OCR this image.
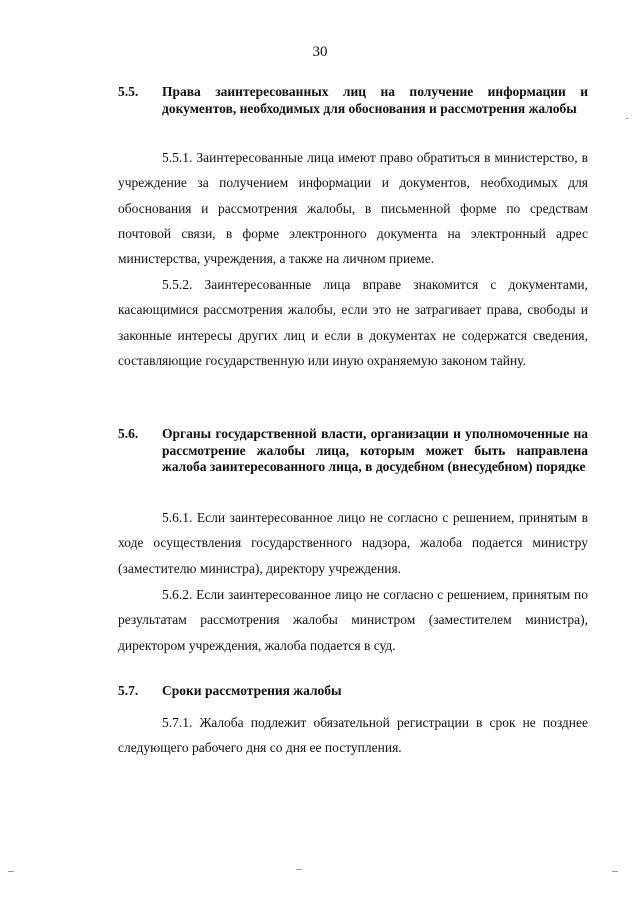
30
5.5. Права заинтересованных лиц на получение информации и документов, необходимых для обоснования и рассмотрения жалобы

5.5.1. Заинтересованные лица имеют право обратиться в министерство, в учреждение за получением информации и документов, необходимых для обоснования и рассмотрения жалобы, в письменной форме по средствам почтовой связи, в форме электронного документа на электронный адрес министерства, учреждения, а также на личном приеме.

5.5.2. Заинтересованные лица вправе знакомится с документами, касающимися рассмотрения жалобы, если это не затрагивает права, свободы и законные интересы других лиц и если в документах не содержатся сведения, составляющие государственную или иную охраняемую законом тайну.

5.6. Органы государственной власти, организации и уполномоченные на рассмотрение жалобы лица, которым может быть направлена жалоба заинтересованного лица, в досудебном (внесудебном) порядке

5.6.1. Если заинтересованное лицо не согласно с решением, принятым в ходе осуществления государственного надзора, жалоба подается министру (заместителю министра), директору учреждения.

5.6.2. Если заинтересованное лицо не согласно с решением, принятым по результатам рассмотрения жалобы министром (заместителем министра), директором учреждения, жалоба подается в суд.

5.7. Сроки рассмотрения жалобы

5.7.1. Жалоба подлежит обязательной регистрации в срок не позднее следующего рабочего дня со дня ее поступления.
